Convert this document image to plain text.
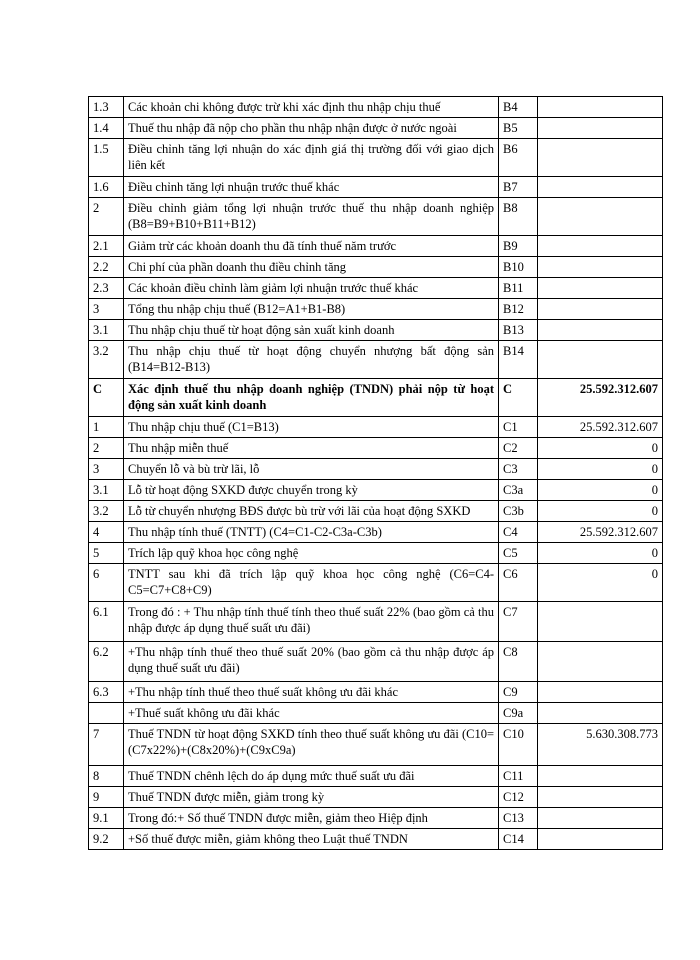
1.3	Các khoản chi không được trừ khi xác định thu nhập chịu thuế	B4	
1.4	Thuế thu nhập đã nộp cho phần thu nhập nhận được ở nước ngoài	B5	
1.5	Điều chỉnh tăng lợi nhuận do xác định giá thị trường đối với giao dịch liên kết	B6	
1.6	Điều chỉnh tăng lợi nhuận trước thuế khác	B7	
2	Điều chỉnh giảm tổng lợi nhuận trước thuế thu nhập doanh nghiệp (B8=B9+B10+B11+B12)	B8	
2.1	Giảm trừ các khoản doanh thu đã tính thuế năm trước	B9	
2.2	Chi phí của phần doanh thu điều chỉnh tăng	B10	
2.3	Các khoản điều chỉnh làm giảm lợi nhuận trước thuế khác	B11	
3	Tổng thu nhập chịu thuế (B12=A1+B1-B8)	B12	
3.1	Thu nhập chịu thuế từ hoạt động sản xuất kinh doanh	B13	
3.2	Thu nhập chịu thuế từ hoạt động chuyển nhượng bất động sản (B14=B12-B13)	B14	
C	Xác định thuế thu nhập doanh nghiệp (TNDN) phải nộp từ hoạt động sản xuất kinh doanh	C	25.592.312.607
1	Thu nhập chịu thuế (C1=B13)	C1	25.592.312.607
2	Thu nhập miễn thuế	C2	0
3	Chuyển lỗ và bù trừ lãi, lỗ	C3	0
3.1	Lỗ từ hoạt động SXKD được chuyển trong kỳ	C3a	0
3.2	Lỗ từ chuyển nhượng BĐS được bù trừ với lãi của hoạt động SXKD	C3b	0
4	Thu nhập tính thuế (TNTT) (C4=C1-C2-C3a-C3b)	C4	25.592.312.607
5	Trích lập quỹ khoa học công nghệ	C5	0
6	TNTT sau khi đã trích lập quỹ khoa học công nghệ (C6=C4-C5=C7+C8+C9)	C6	0
6.1	Trong đó : + Thu nhập tính thuế tính theo thuế suất 22% (bao gồm cả thu nhập được áp dụng thuế suất ưu đãi)	C7	
6.2	+Thu nhập tính thuế theo thuế suất 20% (bao gồm cả thu nhập được áp dụng thuế suất ưu đãi)	C8	
6.3	+Thu nhập tính thuế theo thuế suất không ưu đãi khác	C9	
	+Thuế suất không ưu đãi khác	C9a	
7	Thuế TNDN từ hoạt động SXKD tính theo thuế suất không ưu đãi (C10=(C7x22%)+(C8x20%)+(C9xC9a)	C10	5.630.308.773
8	Thuế TNDN chênh lệch do áp dụng mức thuế suất ưu đãi	C11	
9	Thuế TNDN được miễn, giảm trong kỳ	C12	
9.1	Trong đó:+ Số thuế TNDN được miễn, giảm theo Hiệp định	C13	
9.2	+Số thuế được miễn, giảm không theo Luật thuế TNDN	C14	
